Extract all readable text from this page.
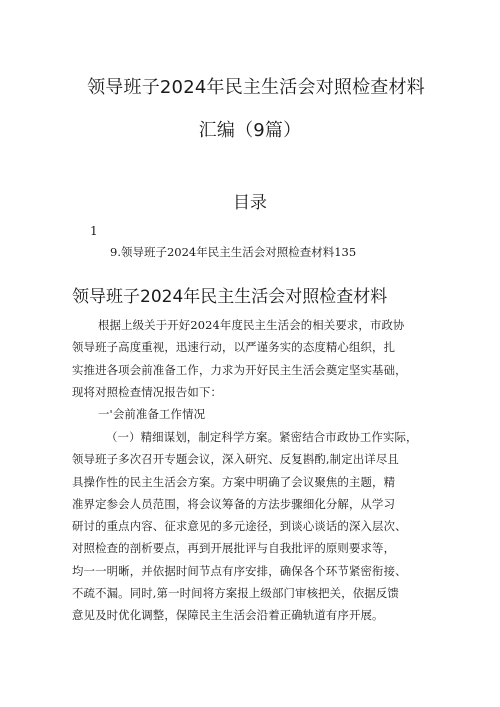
领导班子2024年民主生活会对照检查材料
汇编（9篇）
目录
1
9.领导班子2024年民主生活会对照检查材料135
领导班子2024年民主生活会对照检查材料
根据上级关于开好2024年度民主生活会的相关要求，市政协
领导班子高度重视，迅速行动，以严谨务实的态度精心组织，扎
实推进各项会前准备工作，力求为开好民主生活会奠定坚实基础，
现将对照检查情况报告如下：
一'会前准备工作情况
（一）精细谋划，制定科学方案。紧密结合市政协工作实际，
领导班子多次召开专题会议，深入研究、反复斟酌,制定出详尽且
具操作性的民主生活会方案。方案中明确了会议聚焦的主题，精
准界定参会人员范围，将会议筹备的方法步骤细化分解，从学习
研讨的重点内容、征求意见的多元途径，到谈心谈话的深入层次、
对照检查的剖析要点，再到开展批评与自我批评的原则要求等，
均一一明晰，并依据时间节点有序安排，确保各个环节紧密衔接、
不疏不漏。同时,第一时间将方案报上级部门审核把关，依据反馈
意见及时优化调整，保障民主生活会沿着正确轨道有序开展。
